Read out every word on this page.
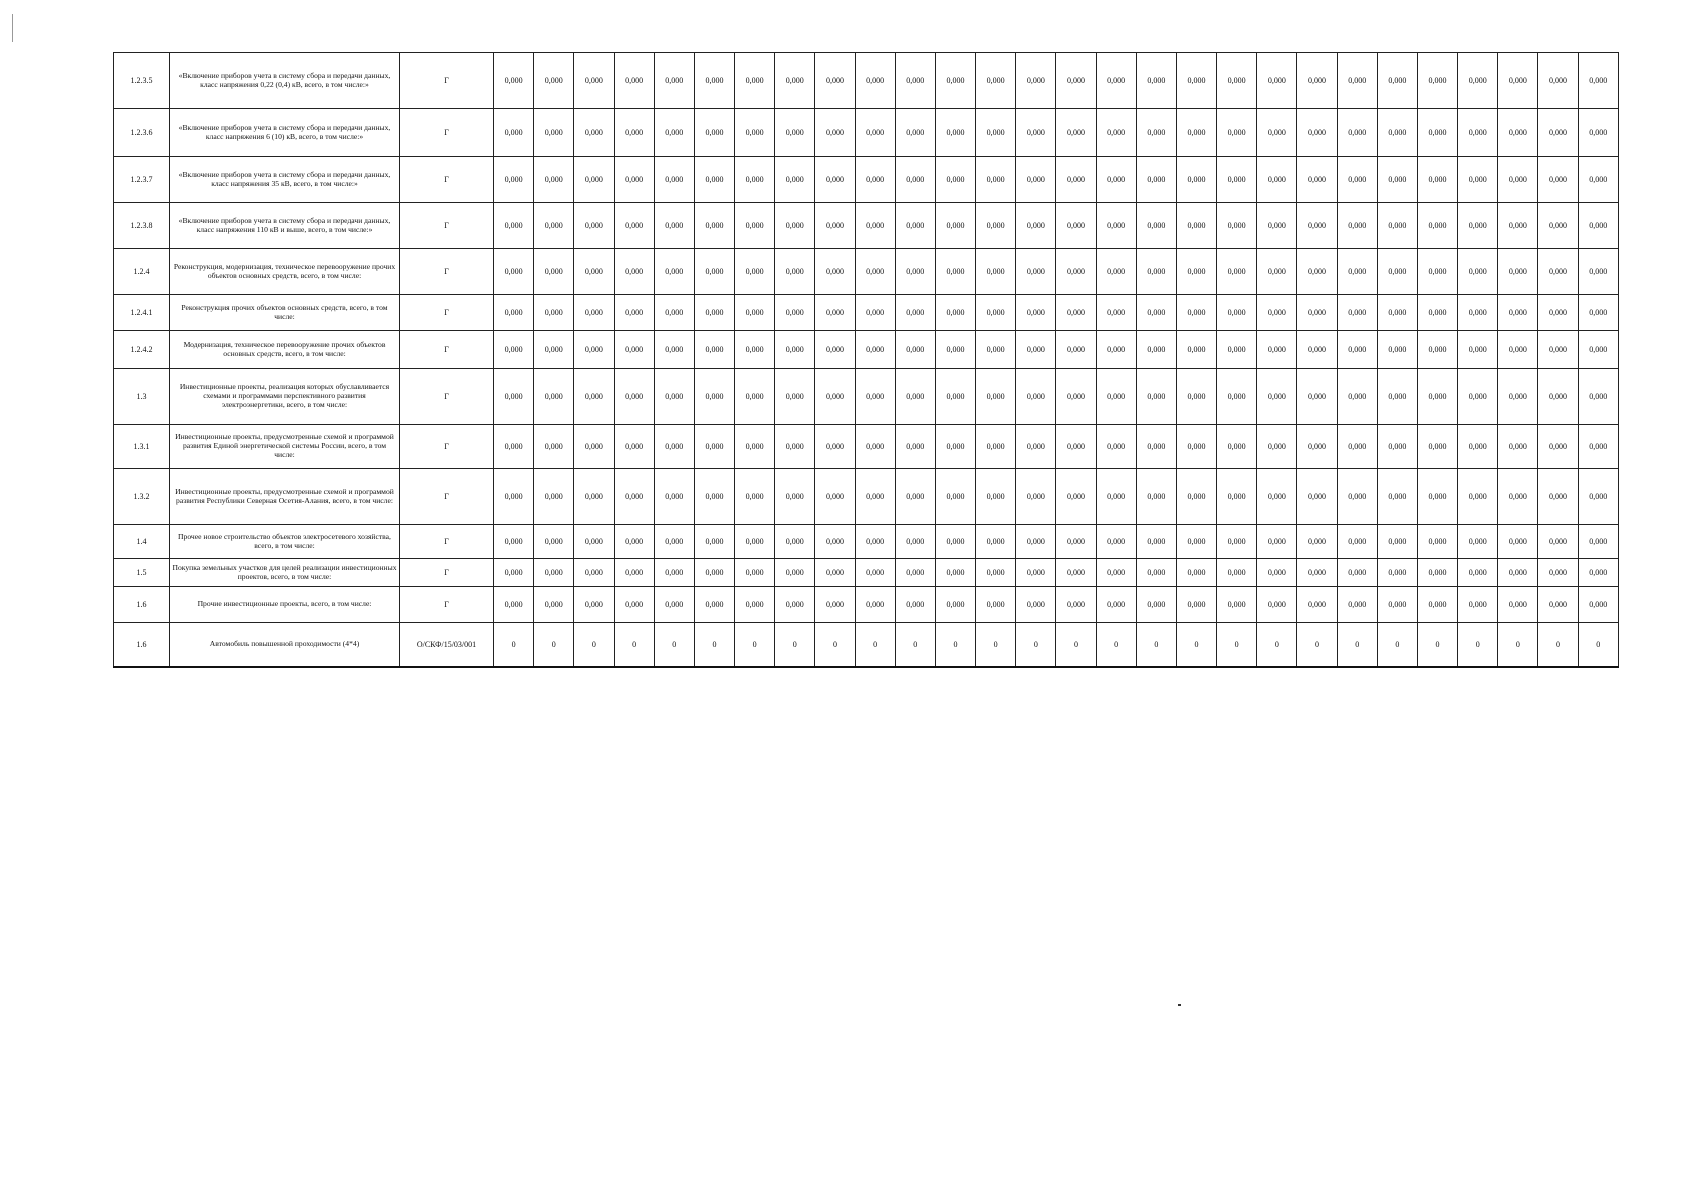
1.2.3.5	«Включение приборов учета в систему сбора и передачи данных, класс напряжения 0,22 (0,4) кВ, всего, в том числе:»	Г	0,000	0,000	0,000	0,000	0,000	0,000	0,000	0,000	0,000	0,000	0,000	0,000	0,000	0,000	0,000	0,000	0,000	0,000	0,000	0,000	0,000	0,000	0,000	0,000	0,000	0,000	0,000	0,000
1.2.3.6	«Включение приборов учета в систему сбора и передачи данных, класс напряжения 6 (10) кВ, всего, в том числе:»	Г	0,000	0,000	0,000	0,000	0,000	0,000	0,000	0,000	0,000	0,000	0,000	0,000	0,000	0,000	0,000	0,000	0,000	0,000	0,000	0,000	0,000	0,000	0,000	0,000	0,000	0,000	0,000	0,000
1.2.3.7	«Включение приборов учета в систему сбора и передачи данных, класс напряжения 35 кВ, всего, в том числе:»	Г	0,000	0,000	0,000	0,000	0,000	0,000	0,000	0,000	0,000	0,000	0,000	0,000	0,000	0,000	0,000	0,000	0,000	0,000	0,000	0,000	0,000	0,000	0,000	0,000	0,000	0,000	0,000	0,000
1.2.3.8	«Включение приборов учета в систему сбора и передачи данных, класс напряжения 110 кВ и выше, всего, в том числе:»	Г	0,000	0,000	0,000	0,000	0,000	0,000	0,000	0,000	0,000	0,000	0,000	0,000	0,000	0,000	0,000	0,000	0,000	0,000	0,000	0,000	0,000	0,000	0,000	0,000	0,000	0,000	0,000	0,000
1.2.4	Реконструкция, модернизация, техническое перевооружение прочих объектов основных средств, всего, в том числе:	Г	0,000	0,000	0,000	0,000	0,000	0,000	0,000	0,000	0,000	0,000	0,000	0,000	0,000	0,000	0,000	0,000	0,000	0,000	0,000	0,000	0,000	0,000	0,000	0,000	0,000	0,000	0,000	0,000
1.2.4.1	Реконструкция прочих объектов основных средств, всего, в том числе:	Г	0,000	0,000	0,000	0,000	0,000	0,000	0,000	0,000	0,000	0,000	0,000	0,000	0,000	0,000	0,000	0,000	0,000	0,000	0,000	0,000	0,000	0,000	0,000	0,000	0,000	0,000	0,000	0,000
1.2.4.2	Модернизация, техническое перевооружение прочих объектов основных средств, всего, в том числе:	Г	0,000	0,000	0,000	0,000	0,000	0,000	0,000	0,000	0,000	0,000	0,000	0,000	0,000	0,000	0,000	0,000	0,000	0,000	0,000	0,000	0,000	0,000	0,000	0,000	0,000	0,000	0,000	0,000
1.3	Инвестиционные проекты, реализация которых обуславливается схемами и программами перспективного развития электроэнергетики, всего, в том числе:	Г	0,000	0,000	0,000	0,000	0,000	0,000	0,000	0,000	0,000	0,000	0,000	0,000	0,000	0,000	0,000	0,000	0,000	0,000	0,000	0,000	0,000	0,000	0,000	0,000	0,000	0,000	0,000	0,000
1.3.1	Инвестиционные проекты, предусмотренные схемой и программой развития Единой энергетической системы России, всего, в том числе:	Г	0,000	0,000	0,000	0,000	0,000	0,000	0,000	0,000	0,000	0,000	0,000	0,000	0,000	0,000	0,000	0,000	0,000	0,000	0,000	0,000	0,000	0,000	0,000	0,000	0,000	0,000	0,000	0,000
1.3.2	Инвестиционные проекты, предусмотренные схемой и программой развития Республики Северная Осетия-Алания, всего, в том числе:	Г	0,000	0,000	0,000	0,000	0,000	0,000	0,000	0,000	0,000	0,000	0,000	0,000	0,000	0,000	0,000	0,000	0,000	0,000	0,000	0,000	0,000	0,000	0,000	0,000	0,000	0,000	0,000	0,000
1.4	Прочее новое строительство объектов электросетевого хозяйства, всего, в том числе:	Г	0,000	0,000	0,000	0,000	0,000	0,000	0,000	0,000	0,000	0,000	0,000	0,000	0,000	0,000	0,000	0,000	0,000	0,000	0,000	0,000	0,000	0,000	0,000	0,000	0,000	0,000	0,000	0,000
1.5	Покупка земельных участков для целей реализации инвестиционных проектов, всего, в том числе:	Г	0,000	0,000	0,000	0,000	0,000	0,000	0,000	0,000	0,000	0,000	0,000	0,000	0,000	0,000	0,000	0,000	0,000	0,000	0,000	0,000	0,000	0,000	0,000	0,000	0,000	0,000	0,000	0,000
1.6	Прочие инвестиционные проекты, всего, в том числе:	Г	0,000	0,000	0,000	0,000	0,000	0,000	0,000	0,000	0,000	0,000	0,000	0,000	0,000	0,000	0,000	0,000	0,000	0,000	0,000	0,000	0,000	0,000	0,000	0,000	0,000	0,000	0,000	0,000
1.6	Автомобиль повышенной проходимости (4*4)	О/СКФ/15/03/001	0	0	0	0	0	0	0	0	0	0	0	0	0	0	0	0	0	0	0	0	0	0	0	0	0	0	0	0
